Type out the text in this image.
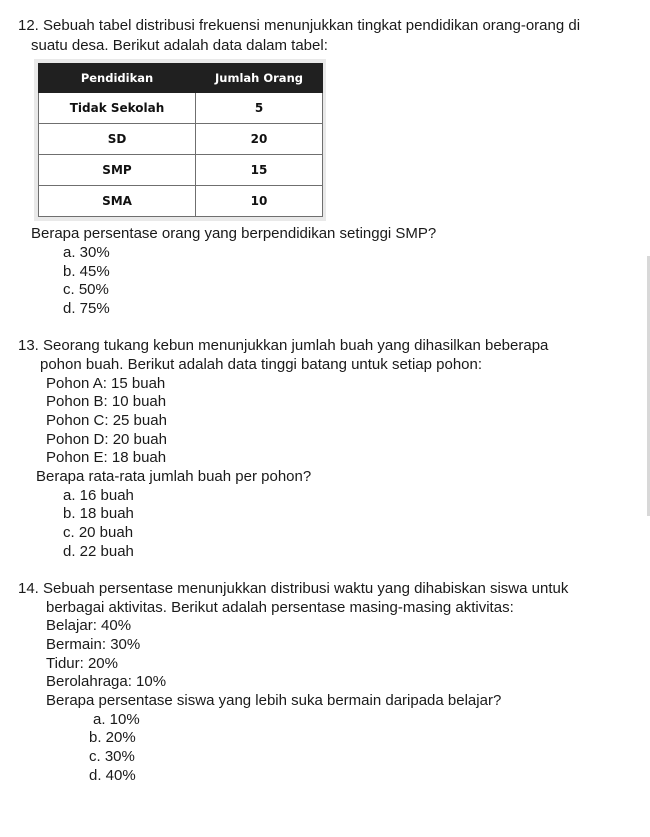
12. Sebuah tabel distribusi frekuensi menunjukkan tingkat pendidikan orang-orang di
suatu desa. Berikut adalah data dalam tabel:
Pendidikan	Jumlah Orang
Tidak Sekolah	5
SD	20
SMP	15
SMA	10
Berapa persentase orang yang berpendidikan setinggi SMP?
a. 30%
b. 45%
c. 50%
d. 75%
13. Seorang tukang kebun menunjukkan jumlah buah yang dihasilkan beberapa
pohon buah. Berikut adalah data tinggi batang untuk setiap pohon:
Pohon A: 15 buah
Pohon B: 10 buah
Pohon C: 25 buah
Pohon D: 20 buah
Pohon E: 18 buah
Berapa rata-rata jumlah buah per pohon?
a. 16 buah
b. 18 buah
c. 20 buah
d. 22 buah
14. Sebuah persentase menunjukkan distribusi waktu yang dihabiskan siswa untuk
berbagai aktivitas. Berikut adalah persentase masing-masing aktivitas:
Belajar: 40%
Bermain: 30%
Tidur: 20%
Berolahraga: 10%
Berapa persentase siswa yang lebih suka bermain daripada belajar?
a. 10%
b. 20%
c. 30%
d. 40%
